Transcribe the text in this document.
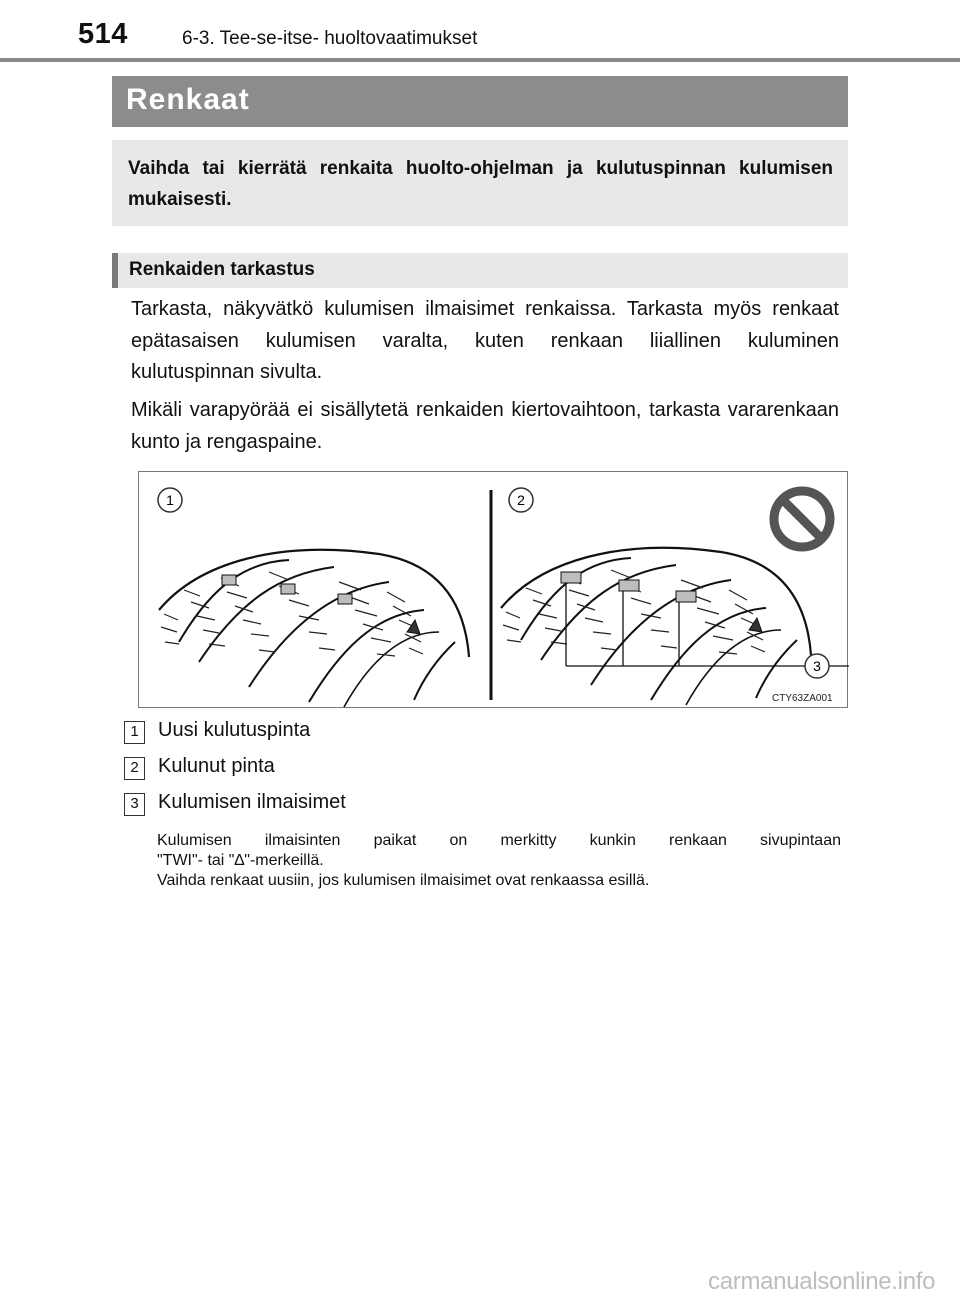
514	6-3. Tee-se-itse- huoltovaatimukset
Renkaat

Vaihda tai kierrätä renkaita huolto-ohjelman ja kulutuspinnan kulumisen mukaisesti.

Renkaiden tarkastus

Tarkasta, näkyvätkö kulumisen ilmaisimet renkaissa. Tarkasta myös renkaat epätasaisen kulumisen varalta, kuten renkaan liiallinen kuluminen kulutuspinnan sivulta.

Mikäli varapyörää ei sisällytetä renkaiden kiertovaihtoon, tarkasta vararenkaan kunto ja rengaspaine.

1	2
3
CTY63ZA001
1 Uusi kulutuspinta
2 Kulunut pinta
3 Kulumisen ilmaisimet
Kulumisen ilmaisinten paikat on merkitty kunkin renkaan sivupintaan
"TWI"- tai "∆"-merkeillä.
Vaihda renkaat uusiin, jos kulumisen ilmaisimet ovat renkaassa esillä.
carmanualsonline.info
